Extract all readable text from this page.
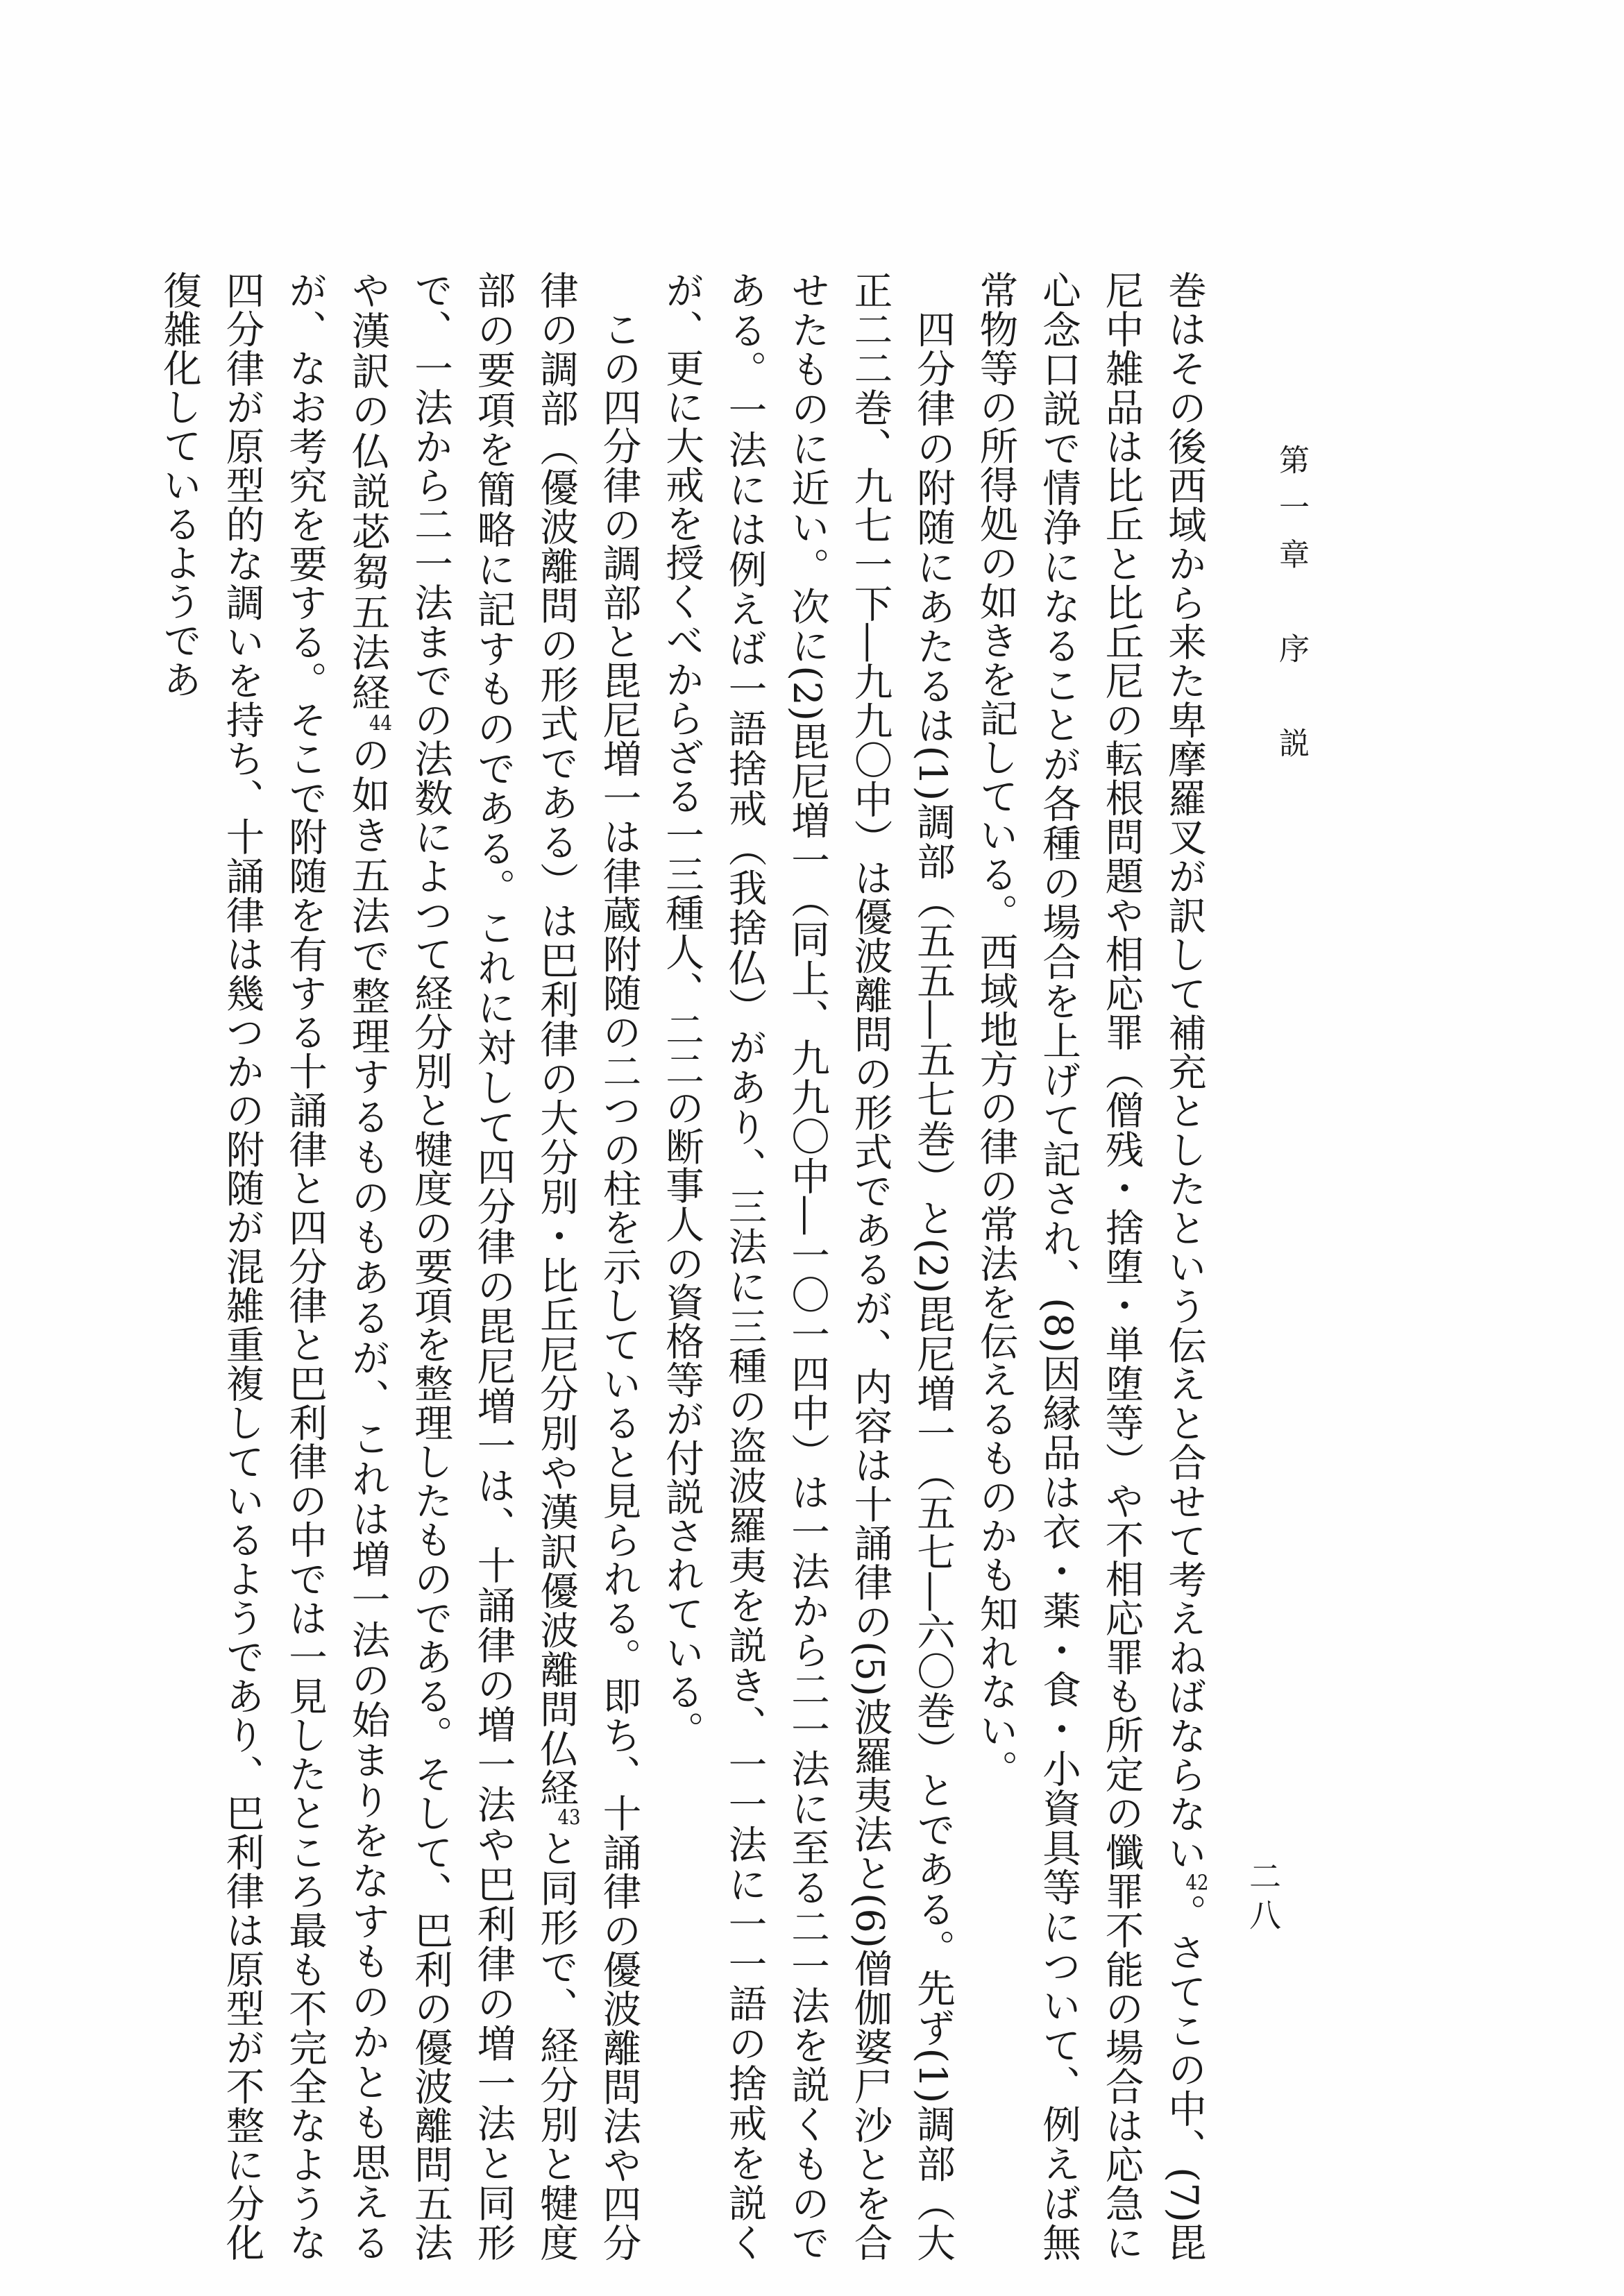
第一章　序　説
二八

巻はその後西域から来た卑摩羅叉が訳して補充としたという伝えと合せて考えねばならない$^{42}$。さてこの中、(7)毘尼中雑品は比丘と比丘尼の転根問題や相応罪（僧残・捨堕・単堕等）や不相応罪も所定の懺罪不能の場合は応急に心念口説で情浄になることが各種の場合を上げて記され、(8)因縁品は衣・薬・食・小資具等について、例えば無常物等の所得処の如きを記している。西域地方の律の常法を伝えるものかも知れない。

四分律の附随にあたるは(1)調部（五五―五七巻）と(2)毘尼増一（五七―六〇巻）とである。先ず(1)調部（大正二二巻、九七一下―九九〇中）は優波離問の形式であるが、内容は十誦律の(5)波羅夷法と(6)僧伽婆尸沙とを合せたものに近い。次に(2)毘尼増一（同上、九九〇中―一〇一四中）は一法から二一法に至る二一法を説くものである。一法には例えば一語捨戒（我捨仏）があり、三法に三種の盗波羅夷を説き、一一法に一一語の捨戒を説くが、更に大戒を授くべからざる一三種人、二二の断事人の資格等が付説されている。

この四分律の調部と毘尼増一は律蔵附随の二つの柱を示していると見られる。即ち、十誦律の優波離問法や四分律の調部（優波離問の形式である）は巴利律の大分別・比丘尼分別や漢訳優波離問仏経$^{43}$と同形で、経分別と犍度部の要項を簡略に記すものである。これに対して四分律の毘尼増一は、十誦律の増一法や巴利律の増一法と同形で、一法から二一法までの法数によつて経分別と犍度の要項を整理したものである。そして、巴利の優波離問五法や漢訳の仏説苾芻五法経$^{44}$の如き五法で整理するものもあるが、これは増一法の始まりをなすものかとも思えるが、なお考究を要する。そこで附随を有する十誦律と四分律と巴利律の中では一見したところ最も不完全なような四分律が原型的な調いを持ち、十誦律は幾つかの附随が混雑重複しているようであり、巴利律は原型が不整に分化復雑化しているようであ
